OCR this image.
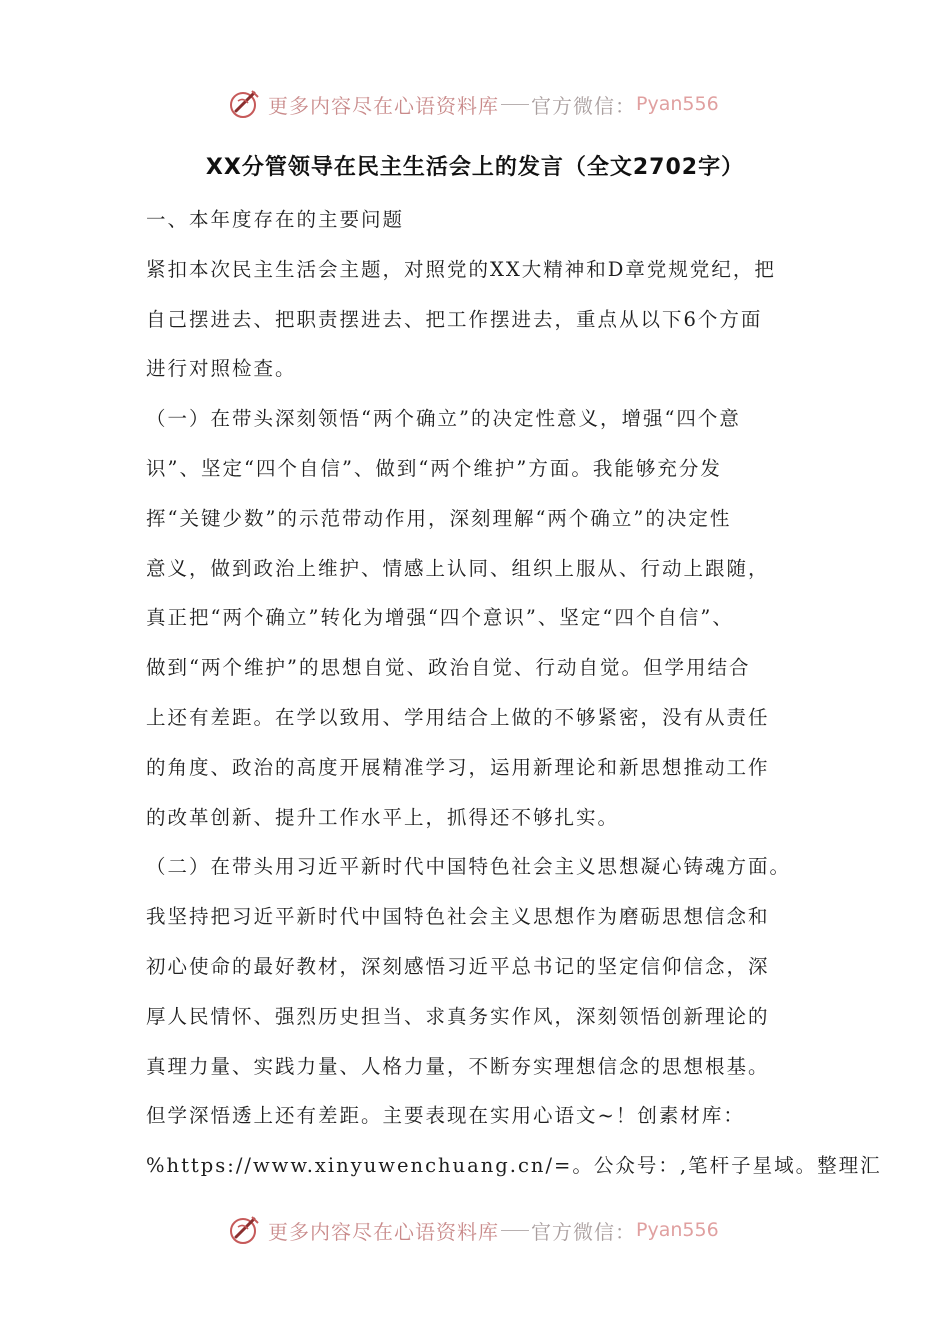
更多内容尽在心语资料库 官方微信： Pyan556
XX分管领导在民主生活会上的发言（全文2702字）
一、本年度存在的主要问题
紧扣本次民主生活会主题，对照党的XX大精神和D章党规党纪，把
自己摆进去、把职责摆进去、把工作摆进去，重点从以下6个方面
进行对照检查。
（一）在带头深刻领悟“两个确立”的决定性意义，增强“四个意
识”、坚定“四个自信”、做到“两个维护”方面。我能够充分发
挥“关键少数”的示范带动作用，深刻理解“两个确立”的决定性
意义，做到政治上维护、情感上认同、组织上服从、行动上跟随，
真正把“两个确立”转化为增强“四个意识”、坚定“四个自信”、
做到“两个维护”的思想自觉、政治自觉、行动自觉。但学用结合
上还有差距。在学以致用、学用结合上做的不够紧密，没有从责任
的角度、政治的高度开展精准学习，运用新理论和新思想推动工作
的改革创新、提升工作水平上，抓得还不够扎实。
（二）在带头用习近平新时代中国特色社会主义思想凝心铸魂方面。
我坚持把习近平新时代中国特色社会主义思想作为磨砺思想信念和
初心使命的最好教材，深刻感悟习近平总书记的坚定信仰信念，深
厚人民情怀、强烈历史担当、求真务实作风，深刻领悟创新理论的
真理力量、实践力量、人格力量，不断夯实理想信念的思想根基。
但学深悟透上还有差距。主要表现在实用心语文~！创素材库：
%https://www.xinyuwenchuang.cn/=。公众号：,笔杆子星域。整理汇
更多内容尽在心语资料库 官方微信： Pyan556
